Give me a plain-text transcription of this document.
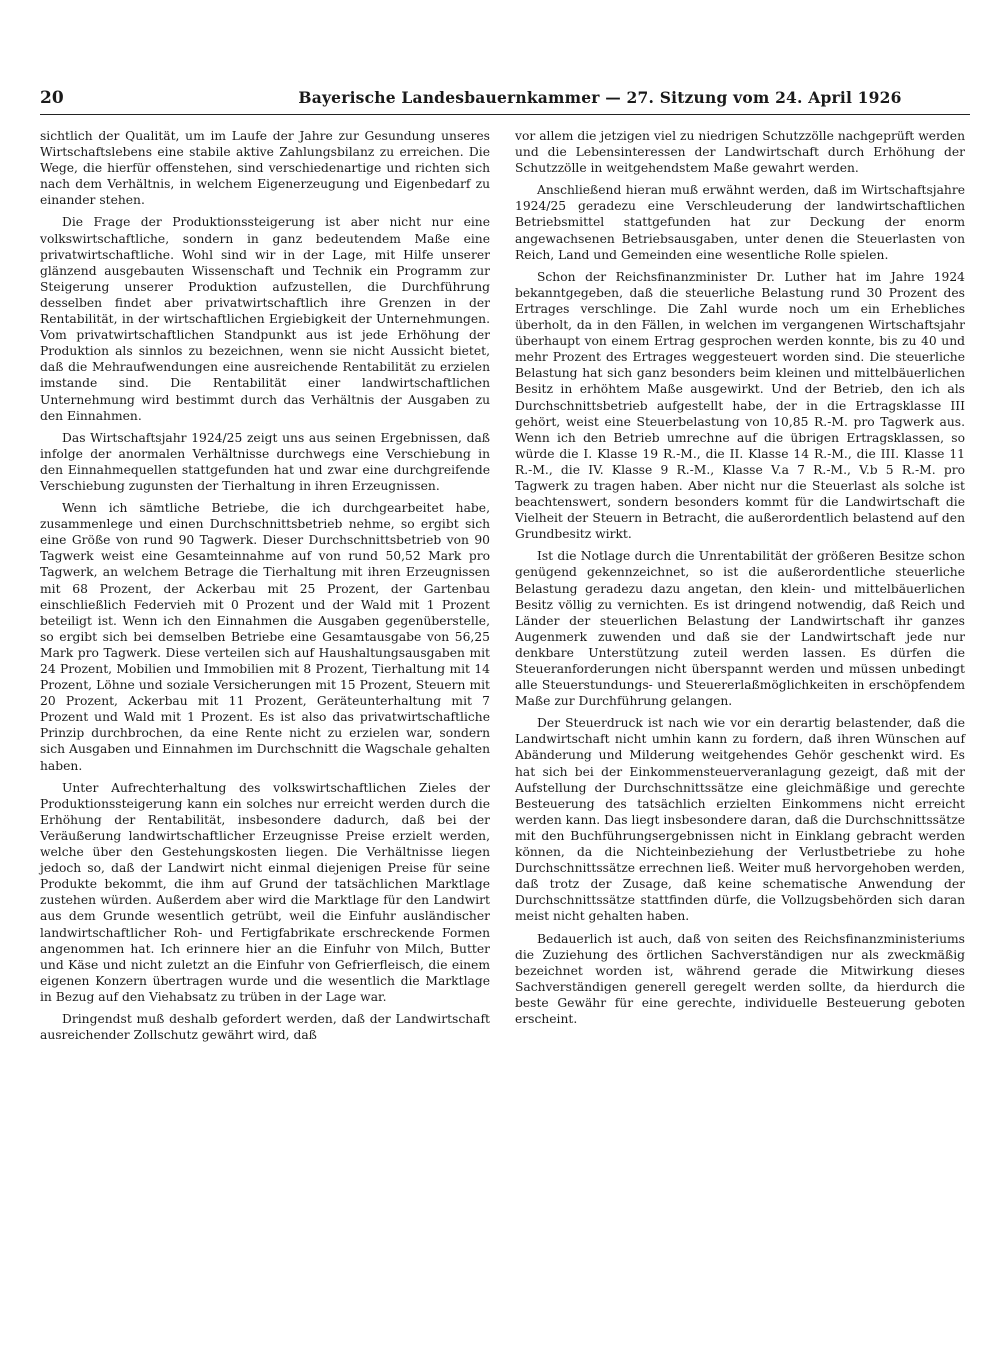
20	Bayerische Landesbauernkammer — 27. Sitzung vom 24. April 1926

sichtlich der Qualität, um im Laufe der Jahre zur Gesundung unseres Wirtschaftslebens eine stabile aktive Zahlungsbilanz zu erreichen. Die Wege, die hierfür offenstehen, sind verschiedenartige und richten sich nach dem Verhältnis, in welchem Eigenerzeugung und Eigenbedarf zu einander stehen.

Die Frage der Produktionssteigerung ist aber nicht nur eine volkswirtschaftliche, sondern in ganz bedeutendem Maße eine privatwirtschaftliche. Wohl sind wir in der Lage, mit Hilfe unserer glänzend ausgebauten Wissenschaft und Technik ein Programm zur Steigerung unserer Produktion aufzustellen, die Durchführung desselben findet aber privatwirtschaftlich ihre Grenzen in der Rentabilität, in der wirtschaftlichen Ergiebigkeit der Unternehmungen. Vom privatwirtschaftlichen Standpunkt aus ist jede Erhöhung der Produktion als sinnlos zu bezeichnen, wenn sie nicht Aussicht bietet, daß die Mehraufwendungen eine ausreichende Rentabilität zu erzielen imstande sind. Die Rentabilität einer landwirtschaftlichen Unternehmung wird bestimmt durch das Verhältnis der Ausgaben zu den Einnahmen.

Das Wirtschaftsjahr 1924/25 zeigt uns aus seinen Ergebnissen, daß infolge der anormalen Verhältnisse durchwegs eine Verschiebung in den Einnahmequellen stattgefunden hat und zwar eine durchgreifende Verschiebung zugunsten der Tierhaltung in ihren Erzeugnissen.

Wenn ich sämtliche Betriebe, die ich durchgearbeitet habe, zusammenlege und einen Durchschnittsbetrieb nehme, so ergibt sich eine Größe von rund 90 Tagwerk. Dieser Durchschnittsbetrieb von 90 Tagwerk weist eine Gesamteinnahme auf von rund 50,52 Mark pro Tagwerk, an welchem Betrage die Tierhaltung mit ihren Erzeugnissen mit 68 Prozent, der Ackerbau mit 25 Prozent, der Gartenbau einschließlich Federvieh mit 0 Prozent und der Wald mit 1 Prozent beteiligt ist. Wenn ich den Einnahmen die Ausgaben gegenüberstelle, so ergibt sich bei demselben Betriebe eine Gesamtausgabe von 56,25 Mark pro Tagwerk. Diese verteilen sich auf Haushaltungsausgaben mit 24 Prozent, Mobilien und Immobilien mit 8 Prozent, Tierhaltung mit 14 Prozent, Löhne und soziale Versicherungen mit 15 Prozent, Steuern mit 20 Prozent, Ackerbau mit 11 Prozent, Geräteunterhaltung mit 7 Prozent und Wald mit 1 Prozent. Es ist also das privatwirtschaftliche Prinzip durchbrochen, da eine Rente nicht zu erzielen war, sondern sich Ausgaben und Einnahmen im Durchschnitt die Wagschale gehalten haben.

Unter Aufrechterhaltung des volkswirtschaftlichen Zieles der Produktionssteigerung kann ein solches nur erreicht werden durch die Erhöhung der Rentabilität, insbesondere dadurch, daß bei der Veräußerung landwirtschaftlicher Erzeugnisse Preise erzielt werden, welche über den Gestehungskosten liegen. Die Verhältnisse liegen jedoch so, daß der Landwirt nicht einmal diejenigen Preise für seine Produkte bekommt, die ihm auf Grund der tatsächlichen Marktlage zustehen würden. Außerdem aber wird die Marktlage für den Landwirt aus dem Grunde wesentlich getrübt, weil die Einfuhr ausländischer landwirtschaftlicher Roh- und Fertigfabrikate erschreckende Formen angenommen hat. Ich erinnere hier an die Einfuhr von Milch, Butter und Käse und nicht zuletzt an die Einfuhr von Gefrierfleisch, die einem eigenen Konzern übertragen wurde und die wesentlich die Marktlage in Bezug auf den Viehabsatz zu trüben in der Lage war.

Dringendst muß deshalb gefordert werden, daß der Landwirtschaft ausreichender Zollschutz gewährt wird, daß

vor allem die jetzigen viel zu niedrigen Schutzzölle nachgeprüft werden und die Lebensinteressen der Landwirtschaft durch Erhöhung der Schutzzölle in weitgehendstem Maße gewahrt werden.

Anschließend hieran muß erwähnt werden, daß im Wirtschaftsjahre 1924/25 geradezu eine Verschleuderung der landwirtschaftlichen Betriebsmittel stattgefunden hat zur Deckung der enorm angewachsenen Betriebsausgaben, unter denen die Steuerlasten von Reich, Land und Gemeinden eine wesentliche Rolle spielen.

Schon der Reichsfinanzminister Dr. Luther hat im Jahre 1924 bekanntgegeben, daß die steuerliche Belastung rund 30 Prozent des Ertrages verschlinge. Die Zahl wurde noch um ein Erhebliches überholt, da in den Fällen, in welchen im vergangenen Wirtschaftsjahr überhaupt von einem Ertrag gesprochen werden konnte, bis zu 40 und mehr Prozent des Ertrages weggesteuert worden sind. Die steuerliche Belastung hat sich ganz besonders beim kleinen und mittelbäuerlichen Besitz in erhöhtem Maße ausgewirkt. Und der Betrieb, den ich als Durchschnittsbetrieb aufgestellt habe, der in die Ertragsklasse III gehört, weist eine Steuerbelastung von 10,85 R.-M. pro Tagwerk aus. Wenn ich den Betrieb umrechne auf die übrigen Ertragsklassen, so würde die I. Klasse 19 R.-M., die II. Klasse 14 R.-M., die III. Klasse 11 R.-M., die IV. Klasse 9 R.-M., Klasse V.a 7 R.-M., V.b 5 R.-M. pro Tagwerk zu tragen haben. Aber nicht nur die Steuerlast als solche ist beachtenswert, sondern besonders kommt für die Landwirtschaft die Vielheit der Steuern in Betracht, die außerordentlich belastend auf den Grundbesitz wirkt.

Ist die Notlage durch die Unrentabilität der größeren Besitze schon genügend gekennzeichnet, so ist die außerordentliche steuerliche Belastung geradezu dazu angetan, den klein- und mittelbäuerlichen Besitz völlig zu vernichten. Es ist dringend notwendig, daß Reich und Länder der steuerlichen Belastung der Landwirtschaft ihr ganzes Augenmerk zuwenden und daß sie der Landwirtschaft jede nur denkbare Unterstützung zuteil werden lassen. Es dürfen die Steueranforderungen nicht überspannt werden und müssen unbedingt alle Steuerstundungs- und Steuererlaßmöglichkeiten in erschöpfendem Maße zur Durchführung gelangen.

Der Steuerdruck ist nach wie vor ein derartig belastender, daß die Landwirtschaft nicht umhin kann zu fordern, daß ihren Wünschen auf Abänderung und Milderung weitgehendes Gehör geschenkt wird. Es hat sich bei der Einkommensteuerveranlagung gezeigt, daß mit der Aufstellung der Durchschnittssätze eine gleichmäßige und gerechte Besteuerung des tatsächlich erzielten Einkommens nicht erreicht werden kann. Das liegt insbesondere daran, daß die Durchschnittssätze mit den Buchführungsergebnissen nicht in Einklang gebracht werden können, da die Nichteinbeziehung der Verlustbetriebe zu hohe Durchschnittssätze errechnen ließ. Weiter muß hervorgehoben werden, daß trotz der Zusage, daß keine schematische Anwendung der Durchschnittssätze stattfinden dürfe, die Vollzugsbehörden sich daran meist nicht gehalten haben.

Bedauerlich ist auch, daß von seiten des Reichsfinanzministeriums die Zuziehung des örtlichen Sachverständigen nur als zweckmäßig bezeichnet worden ist, während gerade die Mitwirkung dieses Sachverständigen generell geregelt werden sollte, da hierdurch die beste Gewähr für eine gerechte, individuelle Besteuerung geboten erscheint.
